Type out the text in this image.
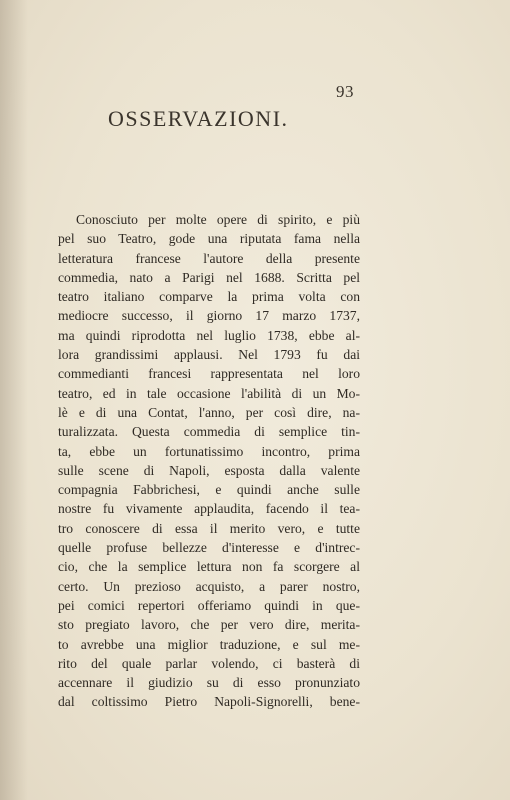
93
OSSERVAZIONI.
Conosciuto per molte opere di spirito, e più
pel suo Teatro, gode una riputata fama nella
letteratura francese l'autore della presente
commedia, nato a Parigi nel 1688. Scritta pel
teatro italiano comparve la prima volta con
mediocre successo, il giorno 17 marzo 1737,
ma quindi riprodotta nel luglio 1738, ebbe al-
lora grandissimi applausi. Nel 1793 fu dai
commedianti francesi rappresentata nel loro
teatro, ed in tale occasione l'abilità di un Mo-
lè e di una Contat, l'anno, per così dire, na-
turalizzata. Questa commedia di semplice tin-
ta, ebbe un fortunatissimo incontro, prima
sulle scene di Napoli, esposta dalla valente
compagnia Fabbrichesi, e quindi anche sulle
nostre fu vivamente applaudita, facendo il tea-
tro conoscere di essa il merito vero, e tutte
quelle profuse bellezze d'interesse e d'intrec-
cio, che la semplice lettura non fa scorgere al
certo. Un prezioso acquisto, a parer nostro,
pei comici repertori offeriamo quindi in que-
sto pregiato lavoro, che per vero dire, merita-
to avrebbe una miglior traduzione, e sul me-
rito del quale parlar volendo, ci basterà di
accennare il giudizio su di esso pronunziato
dal coltissimo Pietro Napoli-Signorelli, bene-
